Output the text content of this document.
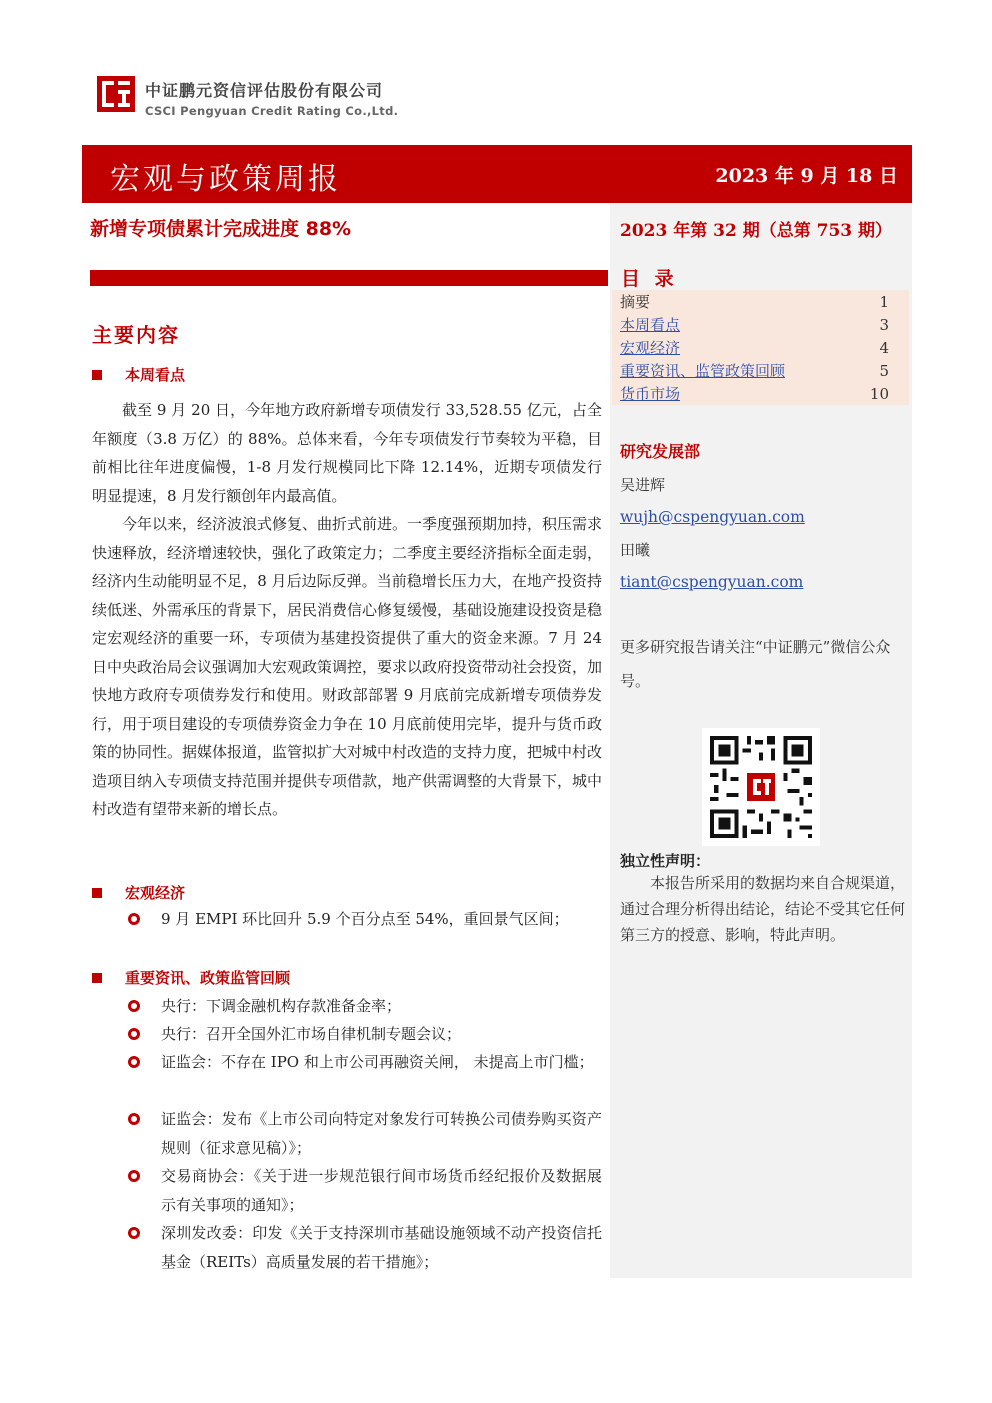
中证鹏元资信评估股份有限公司
CSCI Pengyuan Credit Rating Co.,Ltd.
宏观与政策周报	2023 年 9 月 18 日
2023 年第 32 期（总第 753 期）
目 录
摘要	1
本周看点	3
宏观经济	4
重要资讯、监管政策回顾	5
货币市场	10
研究发展部
吴进辉
wujh@cspengyuan.com
田曦
tiant@cspengyuan.com
更多研究报告请关注“中证鹏元”微信公众号。
独立性声明：
本报告所采用的数据均来自合规渠道，通过合理分析得出结论，结论不受其它任何第三方的授意、影响，特此声明。
新增专项债累计完成进度 88%
主要内容
本周看点
截至 9 月 20 日，今年地方政府新增专项债发行 33,528.55 亿元，占全年额度（3.8 万亿）的 88%。总体来看，今年专项债发行节奏较为平稳，目前相比往年进度偏慢，1-8 月发行规模同比下降 12.14%，近期专项债发行明显提速，8 月发行额创年内最高值。
今年以来，经济波浪式修复、曲折式前进。一季度强预期加持，积压需求快速释放，经济增速较快，强化了政策定力；二季度主要经济指标全面走弱，经济内生动能明显不足，8 月后边际反弹。当前稳增长压力大，在地产投资持续低迷、外需承压的背景下，居民消费信心修复缓慢，基础设施建设投资是稳定宏观经济的重要一环，专项债为基建投资提供了重大的资金来源。7 月 24 日中央政治局会议强调加大宏观政策调控，要求以政府投资带动社会投资，加快地方政府专项债券发行和使用。财政部部署 9 月底前完成新增专项债券发行，用于项目建设的专项债券资金力争在 10 月底前使用完毕，提升与货币政策的协同性。据媒体报道，监管拟扩大对城中村改造的支持力度，把城中村改造项目纳入专项债支持范围并提供专项借款，地产供需调整的大背景下，城中村改造有望带来新的增长点。
宏观经济
9 月 EMPI 环比回升 5.9 个百分点至 54%，重回景气区间；
重要资讯、政策监管回顾
央行：下调金融机构存款准备金率；
央行：召开全国外汇市场自律机制专题会议；
证监会：不存在 IPO 和上市公司再融资关闸， 未提高上市门槛；
证监会：发布《上市公司向特定对象发行可转换公司债券购买资产规则（征求意见稿）》；
交易商协会：《关于进一步规范银行间市场货币经纪报价及数据展示有关事项的通知》；
深圳发改委：印发《关于支持深圳市基础设施领域不动产投资信托基金（REITs）高质量发展的若干措施》；
